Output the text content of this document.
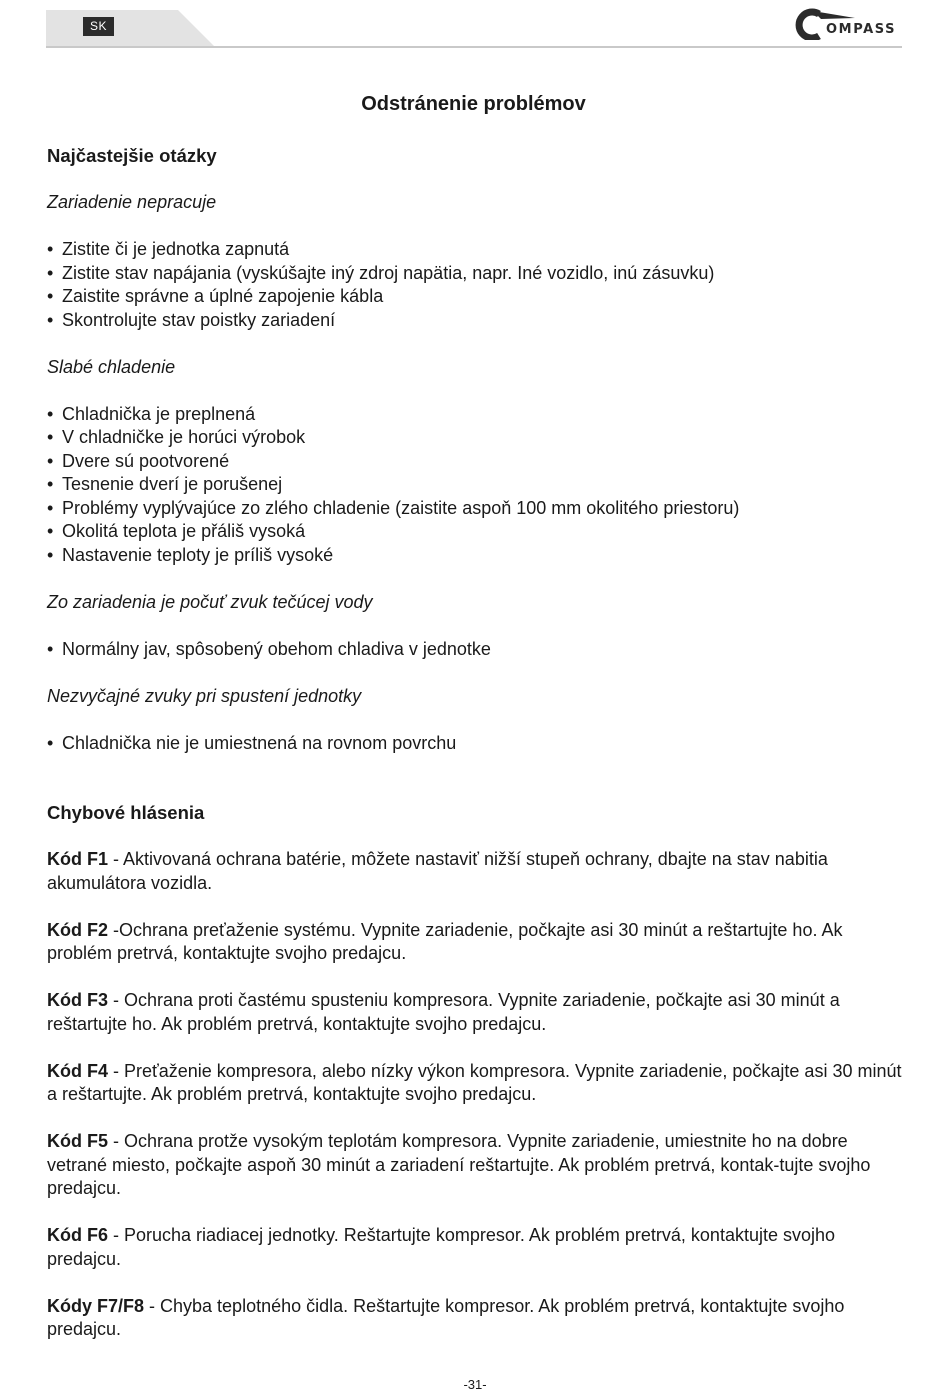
SK	OMPASS
Odstránenie problémov

Najčastejšie otázky

Zariadenie nepracuje

• Zistite či je jednotka zapnutá
• Zistite stav napájania (vyskúšajte iný zdroj napätia, napr. Iné vozidlo, inú zásuvku)
• Zaistite správne a úplné zapojenie kábla
• Skontrolujte stav poistky zariadení

Slabé chladenie

• Chladnička je preplnená
• V chladničke je horúci výrobok
• Dvere sú pootvorené
• Tesnenie dverí je porušenej
• Problémy vyplývajúce zo zlého chladenie (zaistite aspoň 100 mm okolitého priestoru)
• Okolitá teplota je přáliš vysoká
• Nastavenie teploty je príliš vysoké

Zo zariadenia je počuť zvuk tečúcej vody

• Normálny jav, spôsobený obehom chladiva v jednotke

Nezvyčajné zvuky pri spustení jednotky

• Chladnička nie je umiestnená na rovnom povrchu

Chybové hlásenia

Kód F1 - Aktivovaná ochrana batérie, môžete nastaviť nižší stupeň ochrany, dbajte na stav nabitia akumulátora vozidla.

Kód F2 -Ochrana preťaženie systému. Vypnite zariadenie, počkajte asi 30 minút a reštartujte ho. Ak problém pretrvá, kontaktujte svojho predajcu.

Kód F3 - Ochrana proti častému spusteniu kompresora. Vypnite zariadenie, počkajte asi 30 minút a reštartujte ho. Ak problém pretrvá, kontaktujte svojho predajcu.

Kód F4 - Preťaženie kompresora, alebo nízky výkon kompresora. Vypnite zariadenie, počkajte asi 30 minút a reštartujte. Ak problém pretrvá, kontaktujte svojho predajcu.

Kód F5 - Ochrana protže vysokým teplotám kompresora. Vypnite zariadenie, umiestnite ho na dobre vetrané miesto, počkajte aspoň 30 minút a zariadení reštartujte. Ak problém pretrvá, kontak-tujte svojho predajcu.

Kód F6 - Porucha riadiacej jednotky. Reštartujte kompresor. Ak problém pretrvá, kontaktujte svojho predajcu.

Kódy F7/F8 - Chyba teplotného čidla. Reštartujte kompresor. Ak problém pretrvá, kontaktujte svojho predajcu.

-31-
